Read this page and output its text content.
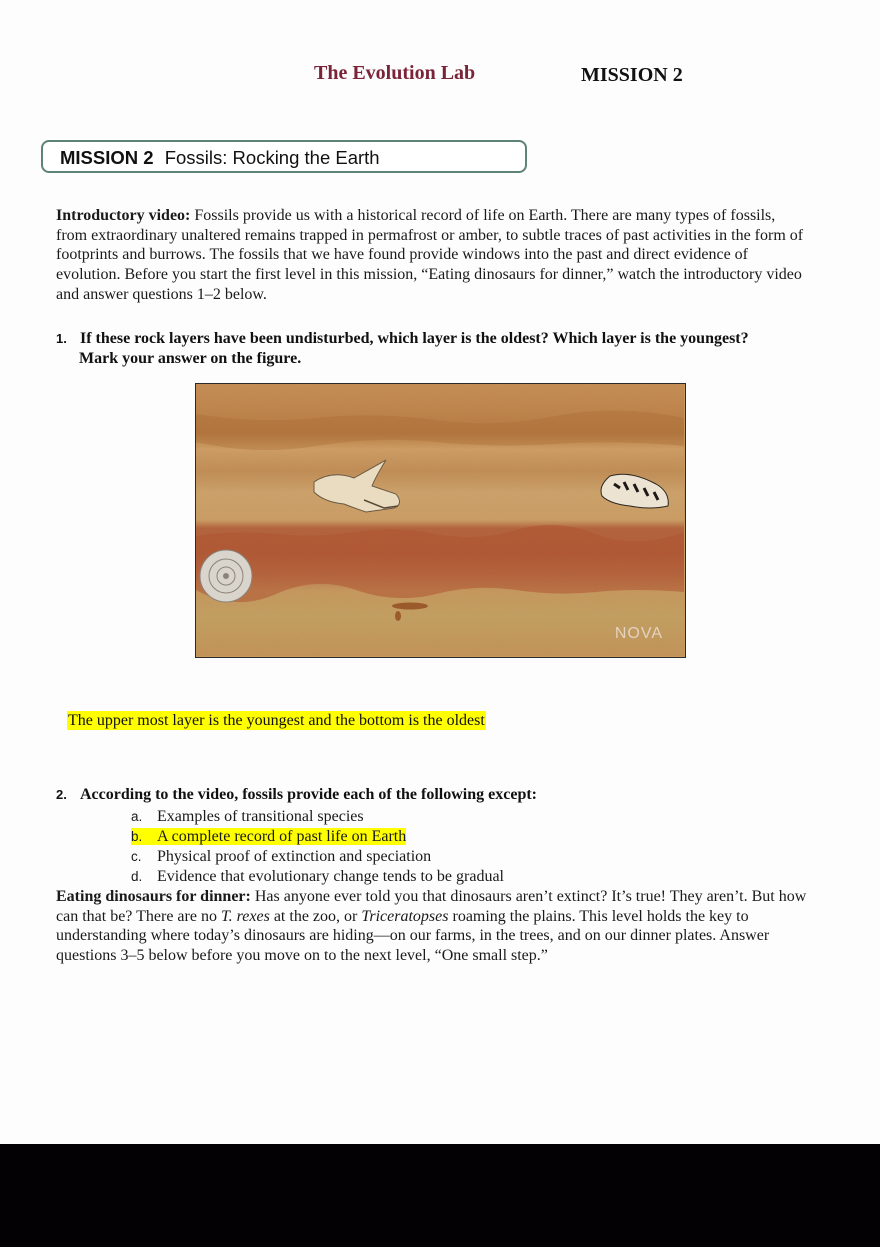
The Evolution Lab	MISSION 2
MISSION 2 Fossils: Rocking the Earth
Introductory video: Fossils provide us with a historical record of life on Earth. There are many types of fossils, from extraordinary unaltered remains trapped in permafrost or amber, to subtle traces of past activities in the form of footprints and burrows. The fossils that we have found provide windows into the past and direct evidence of evolution. Before you start the first level in this mission, “Eating dinosaurs for dinner,” watch the introductory video and answer questions 1–2 below.
1. If these rock layers have been undisturbed, which layer is the oldest? Which layer is the youngest?
Mark your answer on the figure.
NOVA
The upper most layer is the youngest and the bottom is the oldest
2. According to the video, fossils provide each of the following except:
a. Examples of transitional species
b. A complete record of past life on Earth
c. Physical proof of extinction and speciation
d. Evidence that evolutionary change tends to be gradual
Eating dinosaurs for dinner: Has anyone ever told you that dinosaurs aren’t extinct? It’s true! They aren’t. But how can that be? There are no T. rexes at the zoo, or Triceratopses roaming the plains. This level holds the key to understanding where today’s dinosaurs are hiding—on our farms, in the trees, and on our dinner plates. Answer questions 3–5 below before you move on to the next level, “One small step.”
